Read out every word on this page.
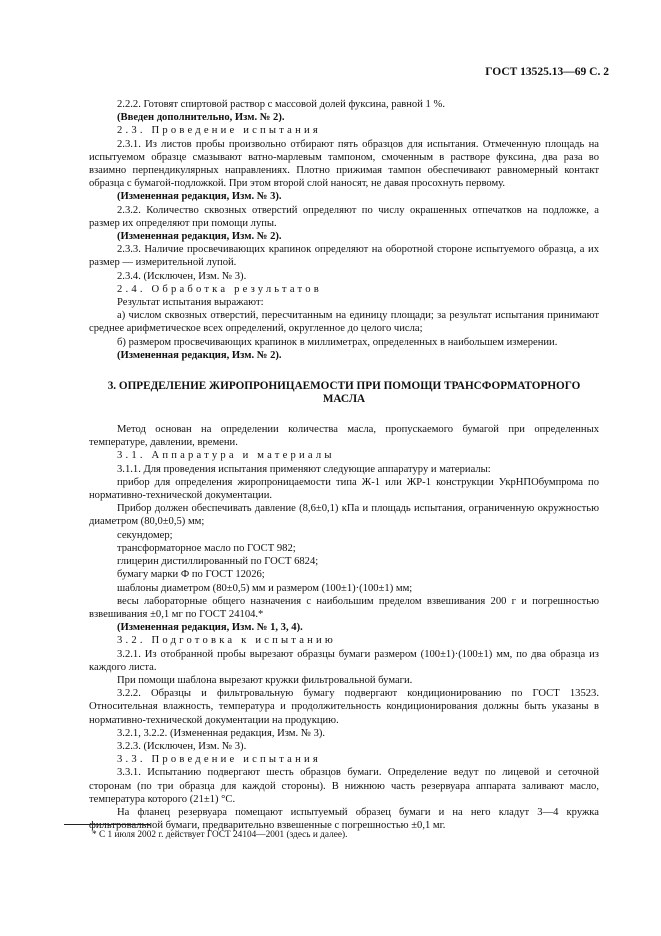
ГОСТ 13525.13—69 С. 2

2.2.2. Готовят спиртовой раствор с массовой долей фуксина, равной 1 %.

(Введен дополнительно, Изм. № 2).

2.3. Проведение испытания

2.3.1. Из листов пробы произвольно отбирают пять образцов для испытания. Отмеченную площадь на испытуемом образце смазывают ватно-марлевым тампоном, смоченным в растворе фуксина, два раза во взаимно перпендикулярных направлениях. Плотно прижимая тампон обеспечивают равномерный контакт образца с бумагой-подложкой. При этом второй слой наносят, не давая просохнуть первому.

(Измененная редакция, Изм. № 3).

2.3.2. Количество сквозных отверстий определяют по числу окрашенных отпечатков на подложке, а размер их определяют при помощи лупы.

(Измененная редакция, Изм. № 2).

2.3.3. Наличие просвечивающих крапинок определяют на оборотной стороне испытуемого образца, а их размер — измерительной лупой.

2.3.4. (Исключен, Изм. № 3).

2.4. Обработка результатов

Результат испытания выражают:

а) числом сквозных отверстий, пересчитанным на единицу площади; за результат испытания принимают среднее арифметическое всех определений, округленное до целого числа;

б) размером просвечивающих крапинок в миллиметрах, определенных в наибольшем измерении.

(Измененная редакция, Изм. № 2).

3. ОПРЕДЕЛЕНИЕ ЖИРОПРОНИЦАЕМОСТИ ПРИ ПОМОЩИ ТРАНСФОРМАТОРНОГО МАСЛА

Метод основан на определении количества масла, пропускаемого бумагой при определенных температуре, давлении, времени.

3.1. Аппаратура и материалы

3.1.1. Для проведения испытания применяют следующие аппаратуру и материалы:

прибор для определения жиропроницаемости типа Ж-1 или ЖР-1 конструкции УкрНПОбумпрома по нормативно-технической документации.

Прибор должен обеспечивать давление (8,6±0,1) кПа и площадь испытания, ограниченную окружностью диаметром (80,0±0,5) мм;

секундомер;

трансформаторное масло по ГОСТ 982;

глицерин дистиллированный по ГОСТ 6824;

бумагу марки Ф по ГОСТ 12026;

шаблоны диаметром (80±0,5) мм и размером (100±1)·(100±1) мм;

весы лабораторные общего назначения с наибольшим пределом взвешивания 200 г и погрешностью взвешивания ±0,1 мг по ГОСТ 24104.*

(Измененная редакция, Изм. № 1, 3, 4).

3.2. Подготовка к испытанию

3.2.1. Из отобранной пробы вырезают образцы бумаги размером (100±1)·(100±1) мм, по два образца из каждого листа.

При помощи шаблона вырезают кружки фильтровальной бумаги.

3.2.2. Образцы и фильтровальную бумагу подвергают кондиционированию по ГОСТ 13523. Относительная влажность, температура и продолжительность кондиционирования должны быть указаны в нормативно-технической документации на продукцию.

3.2.1, 3.2.2. (Измененная редакция, Изм. № 3).

3.2.3. (Исключен, Изм. № 3).

3.3. Проведение испытания

3.3.1. Испытанию подвергают шесть образцов бумаги. Определение ведут по лицевой и сеточной сторонам (по три образца для каждой стороны). В нижнюю часть резервуара аппарата заливают масло, температура которого (21±1) °С.

На фланец резервуара помещают испытуемый образец бумаги и на него кладут 3—4 кружка фильтровальной бумаги, предварительно взвешенные с погрешностью ±0,1 мг.

* С 1 июля 2002 г. действует ГОСТ 24104—2001 (здесь и далее).
